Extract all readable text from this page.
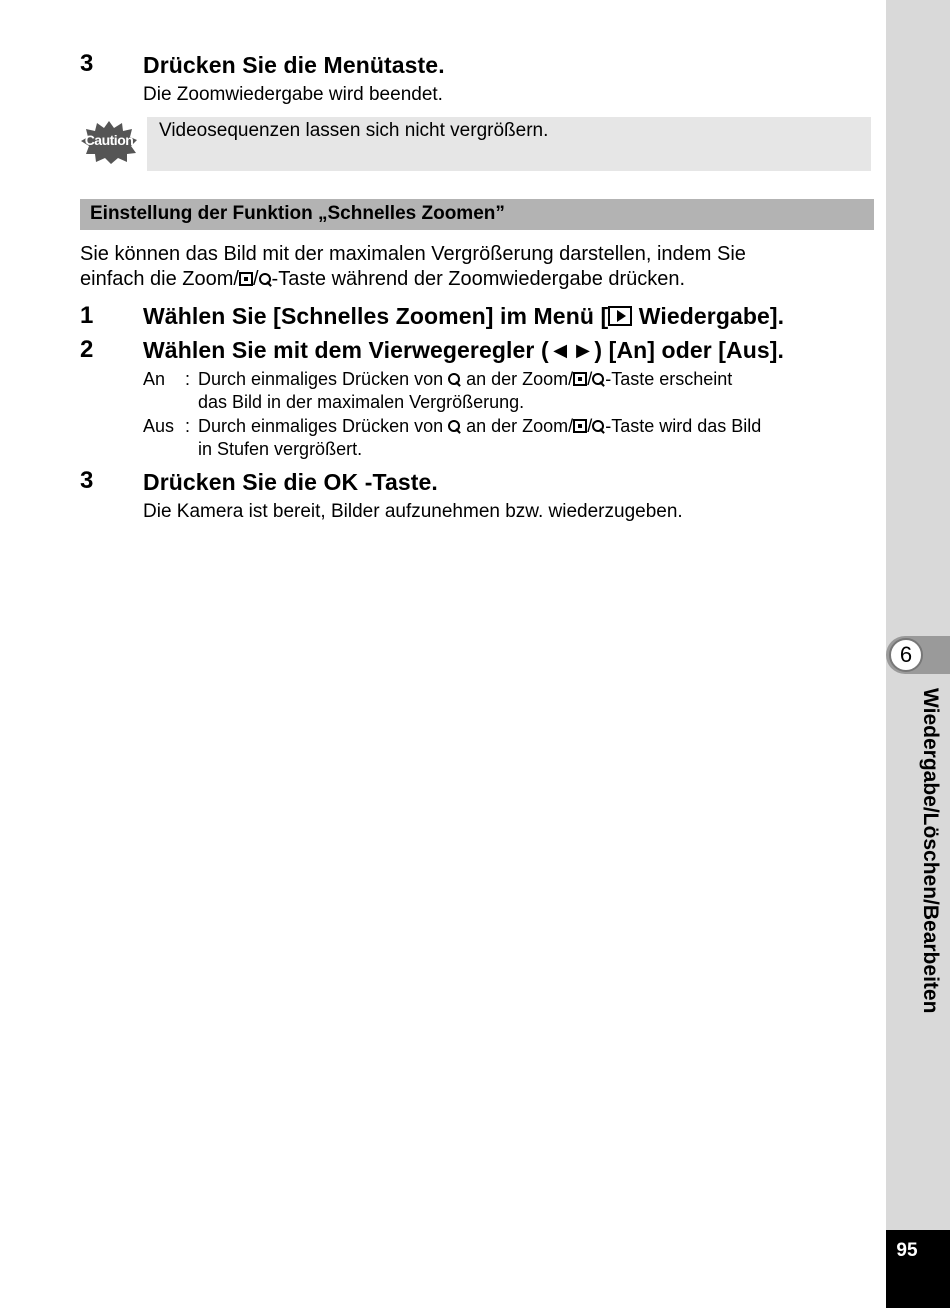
3 Drücken Sie die Menütaste.
Die Zoomwiedergabe wird beendet.
Caution Videosequenzen lassen sich nicht vergrößern.
Einstellung der Funktion „Schnelles Zoomen”
Sie können das Bild mit der maximalen Vergrößerung darstellen, indem Sie
einfach die Zoom/ / -Taste während der Zoomwiedergabe drücken.
1 Wählen Sie [Schnelles Zoomen] im Menü [ Wiedergabe].
2 Wählen Sie mit dem Vierwegeregler (◄►) [An] oder [Aus].
An : Durch einmaliges Drücken von  an der Zoom/ / -Taste erscheint
das Bild in der maximalen Vergrößerung.
Aus : Durch einmaliges Drücken von  an der Zoom/ / -Taste wird das Bild
in Stufen vergrößert.
3 Drücken Sie die OK -Taste.
Die Kamera ist bereit, Bilder aufzunehmen bzw. wiederzugeben.
6
Wiedergabe/Löschen/Bearbeiten
95
